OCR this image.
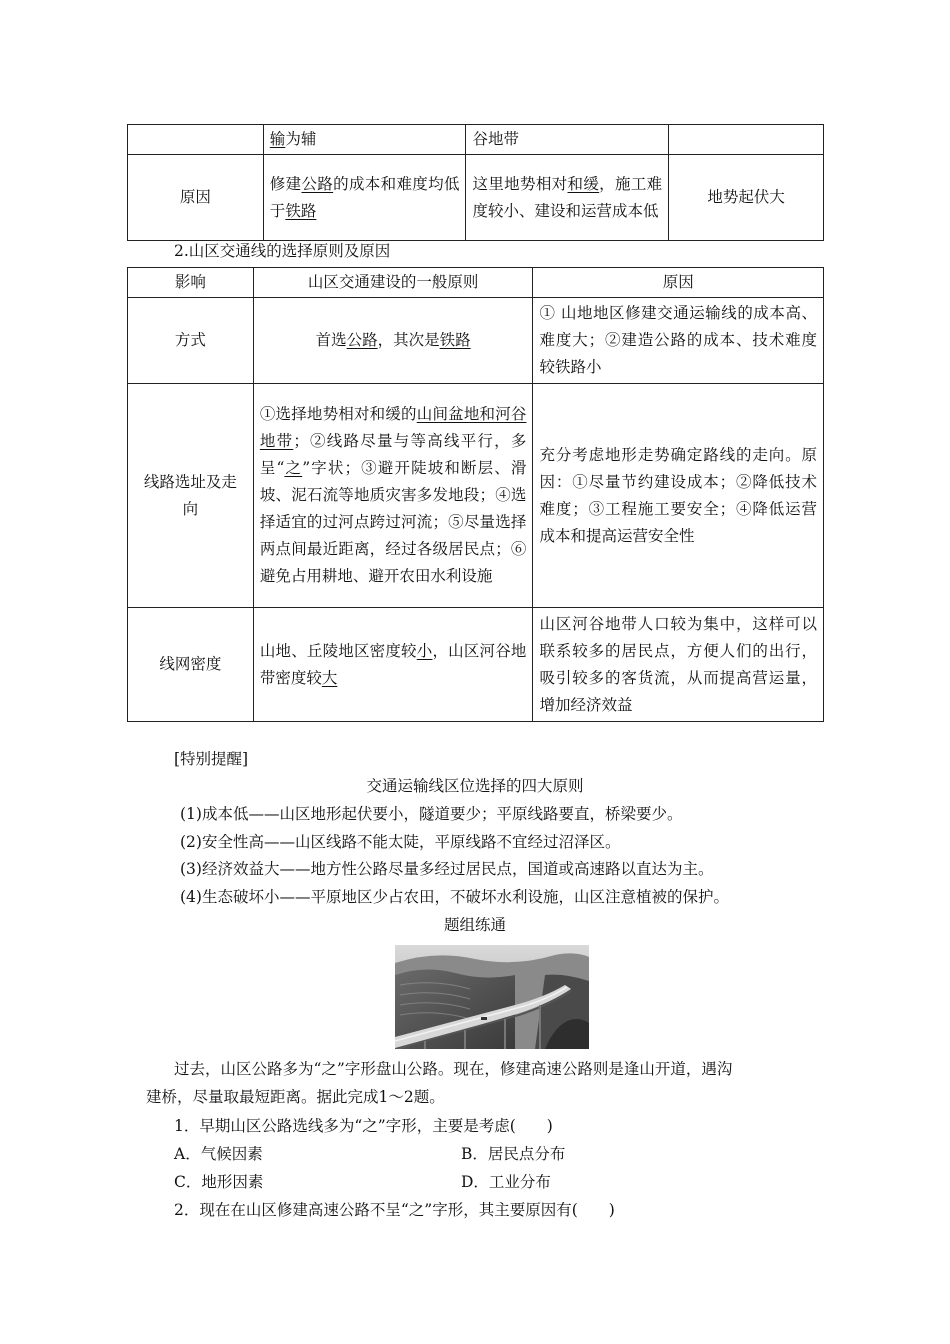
	输为辅	谷地带	
原因	修建公路的成本和难度均低于铁路	这里地势相对和缓，施工难度较小、建设和运营成本低	地势起伏大
2.山区交通线的选择原则及原因
影响	山区交通建设的一般原则	原因
方式	首选公路，其次是铁路	① 山地地区修建交通运输线的成本高、难度大；②建造公路的成本、技术难度较铁路小
线路选址及走向	①选择地势相对和缓的山间盆地和河谷地带；②线路尽量与等高线平行，多呈“之”字状；③避开陡坡和断层、滑坡、泥石流等地质灾害多发地段；④选择适宜的过河点跨过河流；⑤尽量选择两点间最近距离，经过各级居民点；⑥避免占用耕地、避开农田水利设施	充分考虑地形走势确定路线的走向。原因：①尽量节约建设成本；②降低技术难度；③工程施工要安全；④降低运营成本和提高运营安全性
线网密度	山地、丘陵地区密度较小，山区河谷地带密度较大	山区河谷地带人口较为集中，这样可以联系较多的居民点，方便人们的出行，吸引较多的客货流，从而提高营运量，增加经济效益
[特别提醒]
交通运输线区位选择的四大原则
(1)成本低——山区地形起伏要小，隧道要少；平原线路要直，桥梁要少。
(2)安全性高——山区线路不能太陡，平原线路不宜经过沼泽区。
(3)经济效益大——地方性公路尽量多经过居民点，国道或高速路以直达为主。
(4)生态破坏小——平原地区少占农田，不破坏水利设施，山区注意植被的保护。
题组练通
过去，山区公路多为“之”字形盘山公路。现在，修建高速公路则是逢山开道，遇沟
建桥，尽量取最短距离。据此完成1～2题。
1．早期山区公路选线多为“之”字形，主要是考虑(　　)
A．气候因素	B．居民点分布
C．地形因素	D．工业分布
2．现在在山区修建高速公路不呈“之”字形，其主要原因有(　　)
